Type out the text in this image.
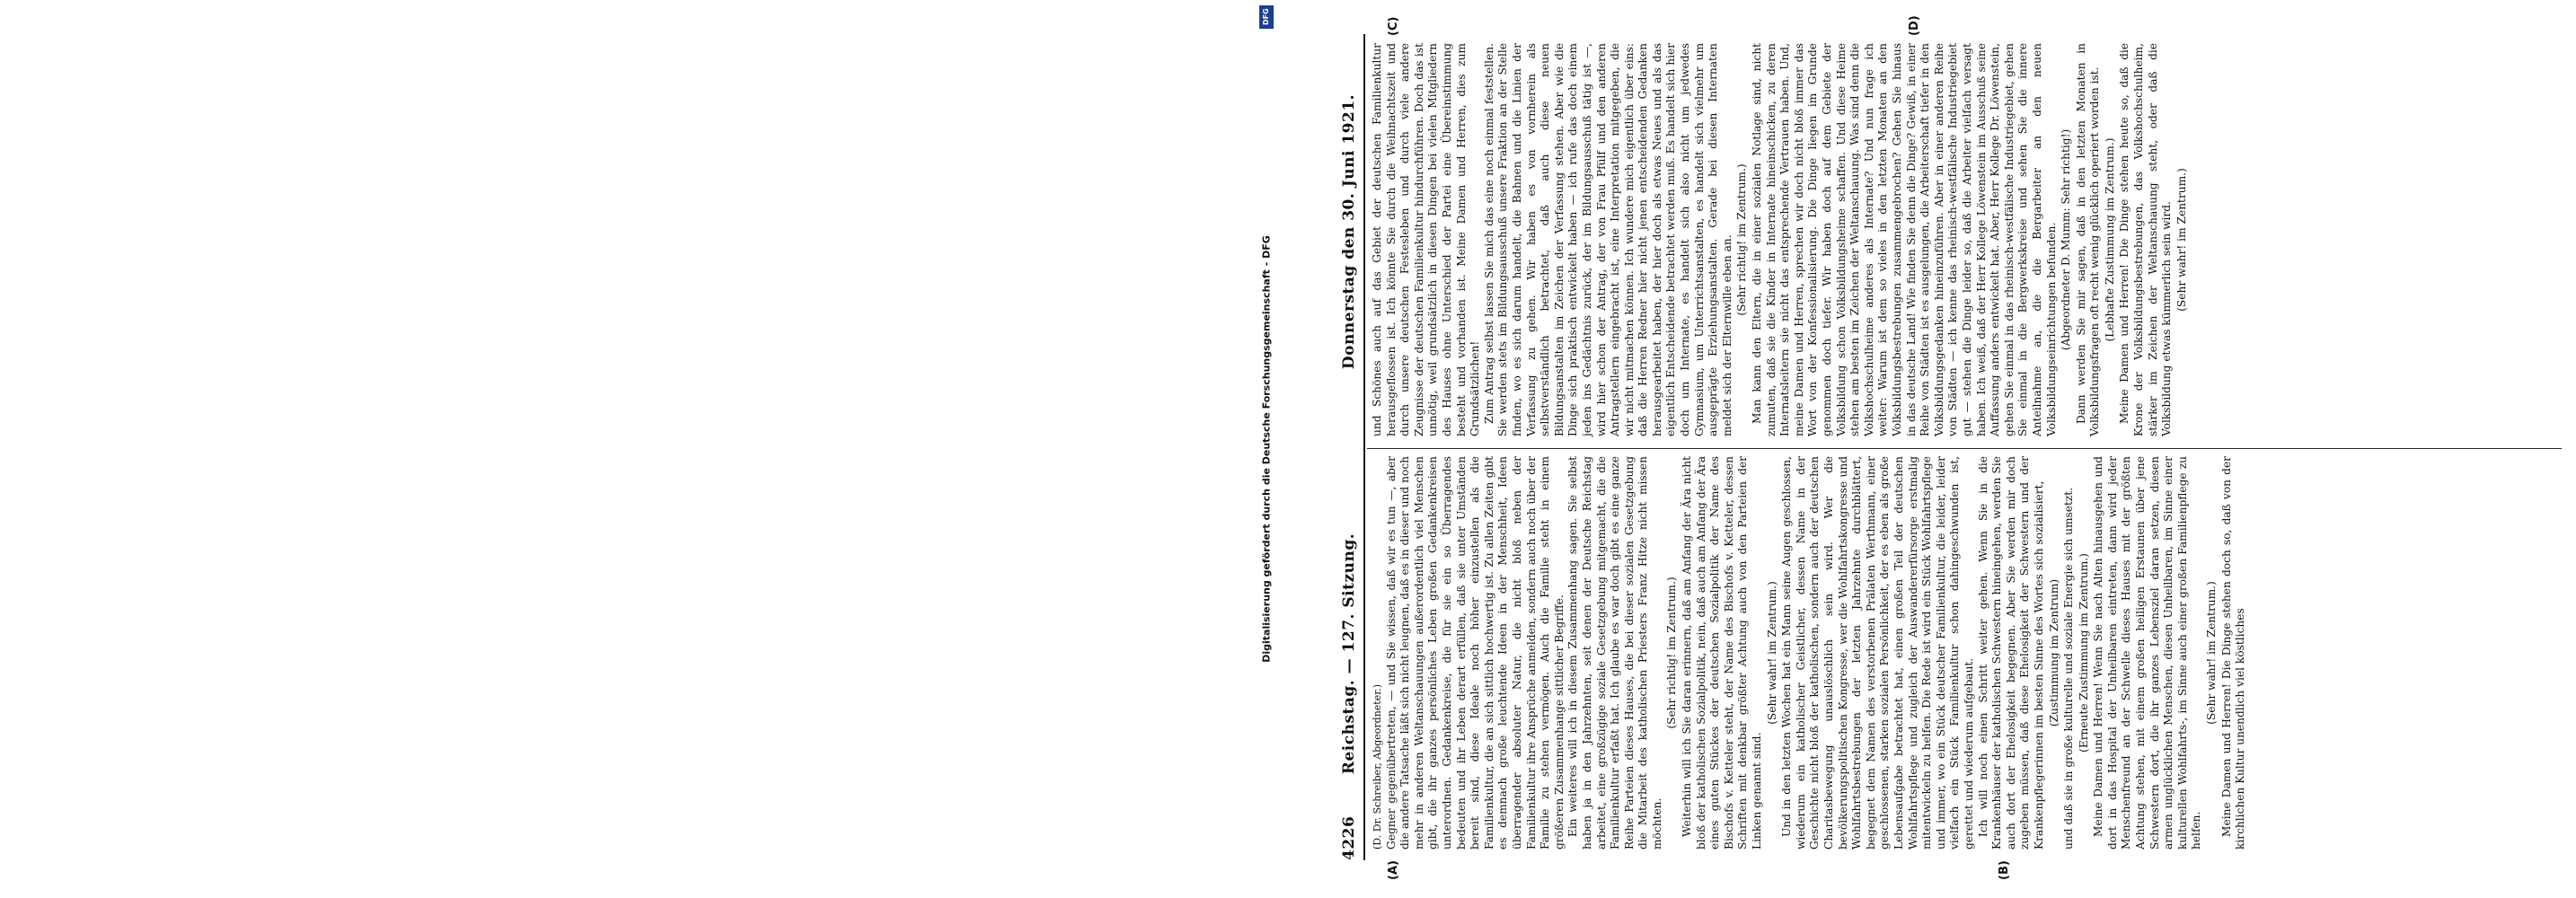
4226
Reichstag. — 127. Sitzung.
Donnerstag den 30. Juni 1921.
(A)	(B)
(C)	(D)

(D. Dr. Schreiber, Abgeordneter.) Gegner gegenübertreten, — und Sie wissen, daß wir es tun —, aber die andere Tatsache läßt sich nicht leugnen, daß es in dieser und noch mehr in anderen Weltanschauungen außerordentlich viel Menschen gibt, die ihr ganzes persönliches Leben großen Gedankenkreisen unterordnen. Gedankenkreise, die für sie ein so Überragendes bedeuten und ihr Leben derart erfüllen, daß sie unter Umständen bereit sind, diese Ideale noch höher einzustellen als die Familienkultur, die an sich sittlich hochwertig ist. Zu allen Zeiten gibt es demnach große leuchtende Ideen in der Menschheit, Ideen überragender absoluter Natur, die nicht bloß neben der Familienkultur ihre Ansprüche anmelden, sondern auch noch über der Familie zu stehen vermögen. Auch die Familie steht in einem größeren Zusammenhange sittlicher Begriffe. Ein weiteres will ich in diesem Zusammenhang sagen. Sie selbst haben ja in den Jahrzehnten, seit denen der Deutsche Reichstag arbeitet, eine großzügige soziale Gesetzgebung mitgemacht, die die Familienkultur erfaßt hat. Ich glaube es war doch gibt es eine ganze Reihe Parteien dieses Hauses, die bei dieser sozialen Gesetzgebung die Mitarbeit des katholischen Priesters Franz Hitze nicht missen möchten.

(Sehr richtig! im Zentrum.) Weiterhin will ich Sie daran erinnern, daß am Anfang der Ära nicht bloß der katholischen Sozialpolitik, nein, daß auch am Anfang der Ära eines guten Stückes der deutschen Sozialpolitik der Name des Bischofs v. Ketteler steht, der Name des Bischofs v. Ketteler, dessen Schriften mit denkbar größter Achtung auch von den Parteien der Linken genannt sind.

(Sehr wahr! im Zentrum.) Und in den letzten Wochen hat ein Mann seine Augen geschlossen, wiederum ein katholischer Geistlicher, dessen Name in der Geschichte nicht bloß der katholischen, sondern auch der deutschen Charitasbewegung unauslöschlich sein wird. Wer die bevölkerungspolitischen Kongresse, wer die Wohlfahrtskongresse und Wohlfahrtsbestrebungen der letzten Jahrzehnte durchblättert, begegnet dem Namen des verstorbenen Prälaten Werthmann, einer geschlossenen, starken sozialen Persönlichkeit, der es eben als große Lebensaufgabe betrachtet hat, einen großen Teil der deutschen Wohlfahrtspflege und zugleich der Auswandererfürsorge erstmalig mitentwickeln zu helfen. Die Rede ist wird ein Stück Wohlfahrtspflege und immer, wo ein Stück deutscher Familienkultur, die leider, leider vielfach ein Stück Familienkultur schon dahingeschwunden ist, gerettet und wiederum aufgebaut. Ich will noch einen Schritt weiter gehen. Wenn Sie in die Krankenhäuser der katholischen Schwestern hineingehen, werden Sie auch dort der Ehelosigkeit begegnen. Aber Sie werden mir doch zugeben müssen, daß diese Ehelosigkeit der Schwestern und der Krankenpflegerinnen im besten Sinne des Wortes sich sozialisiert, (Zustimmung im Zentrum) und daß sie in große kulturelle und soziale Energie sich umsetzt. (Erneute Zustimmung im Zentrum.) Meine Damen und Herren! Wenn Sie nach Alten hinausgehen und dort in das Hospital der Unheilbaren eintreten, dann wird jeder Menschenfreund an der Schwelle dieses Hauses mit der größten Achtung stehen, mit einem großen heiligen Erstaunen über jene Schwestern dort, die ihr ganzes Lebensziel daran setzen, diesen armen unglücklichen Menschen, diesen Unheilbaren, im Sinne einer kulturellen Wohlfahrts-, im Sinne auch einer großen Familienpflege zu helfen.

(Sehr wahr! im Zentrum.) Meine Damen und Herren! Die Dinge stehen doch so, daß von der kirchlichen Kultur unendlich viel köstliches

und Schönes auch auf das Gebiet der deutschen Familienkultur herausgeflossen ist. Ich könnte Sie durch die Weihnachtszeit und durch unsere deutschen Festesleben und durch viele andere Zeugnisse der deutschen Familienkultur hindurchführen. Doch das ist unnötig, weil grundsätzlich in diesen Dingen bei vielen Mitgliedern des Hauses ohne Unterschied der Partei eine Übereinstimmung besteht und vorhanden ist. Meine Damen und Herren, dies zum Grundsätzlichen! Zum Antrag selbst lassen Sie mich das eine noch einmal feststellen. Sie werden stets im Bildungsausschuß unsere Fraktion an der Stelle finden, wo es sich darum handelt, die Bahnen und die Linien der Verfassung zu gehen. Wir haben es von vornherein als selbstverständlich betrachtet, daß auch diese neuen Bildungsanstalten im Zeichen der Verfassung stehen. Aber wie die Dinge sich praktisch entwickelt haben — ich rufe das doch einem jeden ins Gedächtnis zurück, der im Bildungsausschuß tätig ist —, wird hier schon der Antrag, der von Frau Pfülf und den anderen Antragstellern eingebracht ist, eine Interpretation mitgegeben, die wir nicht mitmachen können. Ich wundere mich eigentlich über eins: daß die Herren Redner hier nicht jenen entscheidenden Gedanken herausgearbeitet haben, der hier doch als etwas Neues und als das eigentlich Entscheidende betrachtet werden muß. Es handelt sich hier doch um Internate, es handelt sich also nicht um jedwedes Gymnasium, um Unterrichtsanstalten, es handelt sich vielmehr um ausgeprägte Erziehungsanstalten. Gerade bei diesen Internaten meldet sich der Elternwille eben an. (Sehr richtig! im Zentrum.) Man kann den Eltern, die in einer sozialen Notlage sind, nicht zumuten, daß sie die Kinder in Internate hineinschicken, zu deren Internatsleitern sie nicht das entsprechende Vertrauen haben. Und, meine Damen und Herren, sprechen wir doch nicht bloß immer das Wort von der Konfessionalisierung. Die Dinge liegen im Grunde genommen doch tiefer. Wir haben doch auf dem Gebiete der Volksbildung schon Volksbildungsheime schaffen. Und diese Heime stehen am besten im Zeichen der Weltanschauung. Was sind denn die Volkshochschulheime anderes als Internate? Und nun frage ich weiter: Warum ist dem so vieles in den letzten Monaten an den Volksbildungsbestrebungen zusammengebrochen? Gehen Sie hinaus in das deutsche Land! Wie finden Sie denn die Dinge? Gewiß, in einer Reihe von Städten ist es ausgelungen, die Arbeiterschaft tiefer in den Volksbildungsgedanken hineinzuführen. Aber in einer anderen Reihe von Städten — ich kenne das rheinisch-westfälische Industriegebiet gut — stehen die Dinge leider so, daß die Arbeiter vielfach versagt haben. Ich weiß, daß der Herr Kollege Löwenstein im Ausschuß seine Auffassung anders entwickelt hat. Aber, Herr Kollege Dr. Löwenstein, gehen Sie einmal in das rheinisch-westfälische Industriegebiet, gehen Sie einmal in die Bergwerkskreise und sehen Sie die innere Anteilnahme an, die die Bergarbeiter an den neuen Volksbildungseinrichtungen befunden. (Abgeordneter D. Mumm: Sehr richtig!) Dann werden Sie mir sagen, daß in den letzten Monaten in Volksbildungsfragen oft recht wenig glücklich operiert worden ist. (Lebhafte Zustimmung im Zentrum.) Meine Damen und Herren! Die Dinge stehen heute so, daß die Krone der Volksbildungsbestrebungen, das Volkshochschulheim, stärker im Zeichen der Weltanschauung steht, oder daß die Volksbildung etwas kümmerlich sein wird. (Sehr wahr! im Zentrum.)

DFG
Digitalisierung gefördert durch die Deutsche Forschungsgemeinschaft - DFG
